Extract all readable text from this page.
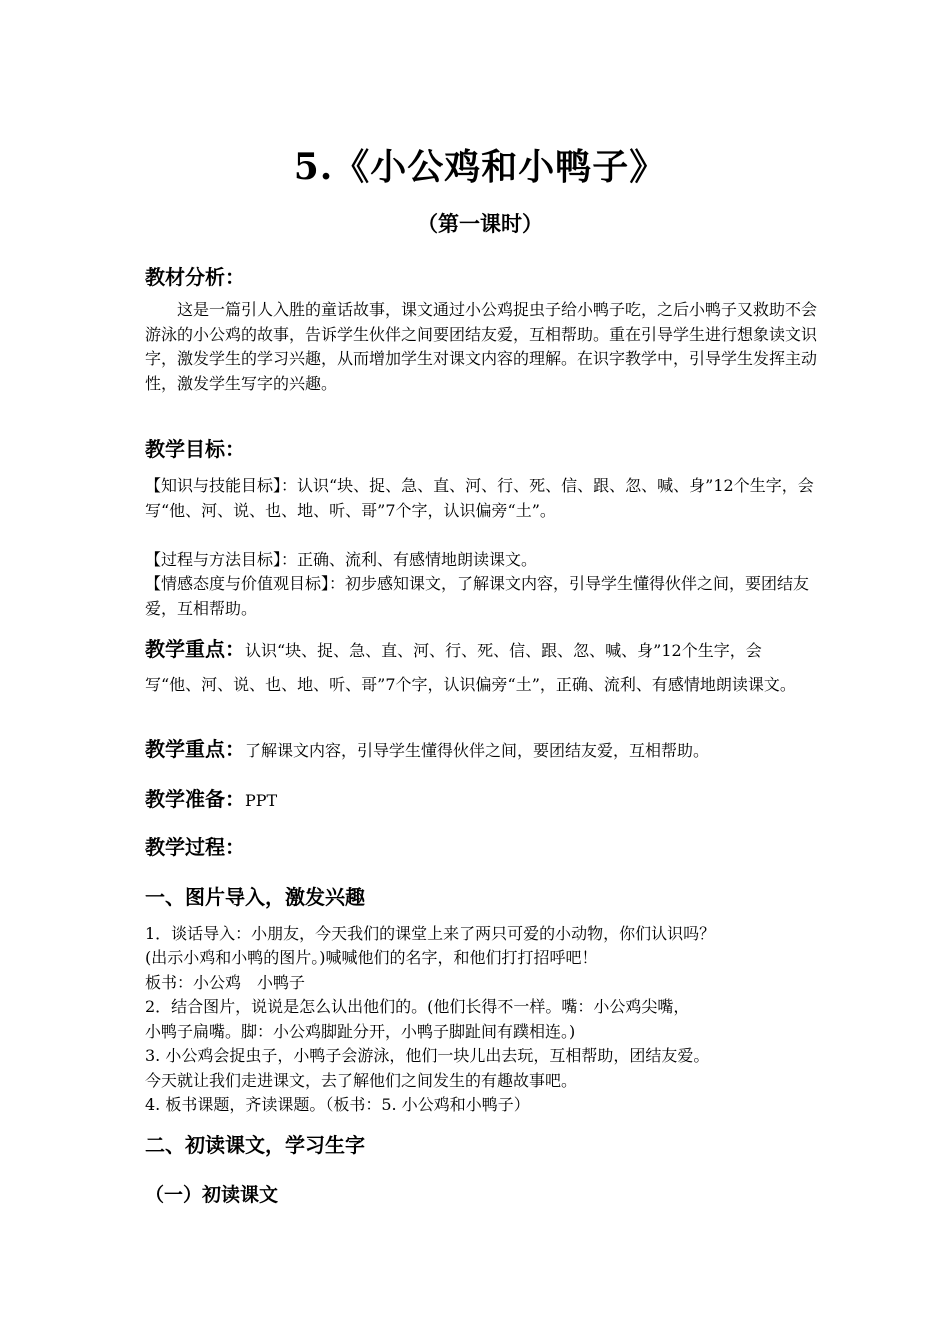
5.《小公鸡和小鸭子》
（第一课时）
教材分析：
这是一篇引人入胜的童话故事，课文通过小公鸡捉虫子给小鸭子吃，之后小鸭子又救助不会游泳的小公鸡的故事，告诉学生伙伴之间要团结友爱，互相帮助。重在引导学生进行想象读文识字，激发学生的学习兴趣，从而增加学生对课文内容的理解。在识字教学中，引导学生发挥主动性，激发学生写字的兴趣。
教学目标：
【知识与技能目标】：认识“块、捉、急、直、河、行、死、信、跟、忽、喊、身”12个生字，会写“他、河、说、也、地、听、哥”7个字，认识偏旁“土”。
【过程与方法目标】：正确、流利、有感情地朗读课文。
【情感态度与价值观目标】：初步感知课文，了解课文内容，引导学生懂得伙伴之间，要团结友爱，互相帮助。
教学重点：认识“块、捉、急、直、河、行、死、信、跟、忽、喊、身”12个生字，会写“他、河、说、也、地、听、哥”7个字，认识偏旁“土”，正确、流利、有感情地朗读课文。
教学重点：了解课文内容，引导学生懂得伙伴之间，要团结友爱，互相帮助。
教学准备：PPT
教学过程：
一、图片导入，激发兴趣
1．谈话导入：小朋友，今天我们的课堂上来了两只可爱的小动物，你们认识吗？
(出示小鸡和小鸭的图片。)喊喊他们的名字，和他们打打招呼吧！
板书：小公鸡　小鸭子
2．结合图片，说说是怎么认出他们的。(他们长得不一样。嘴：小公鸡尖嘴，
小鸭子扁嘴。脚：小公鸡脚趾分开，小鸭子脚趾间有蹼相连。)
3. 小公鸡会捉虫子，小鸭子会游泳，他们一块儿出去玩，互相帮助，团结友爱。
今天就让我们走进课文，去了解他们之间发生的有趣故事吧。
4. 板书课题，齐读课题。（板书：5. 小公鸡和小鸭子）
二、初读课文，学习生字
（一）初读课文
